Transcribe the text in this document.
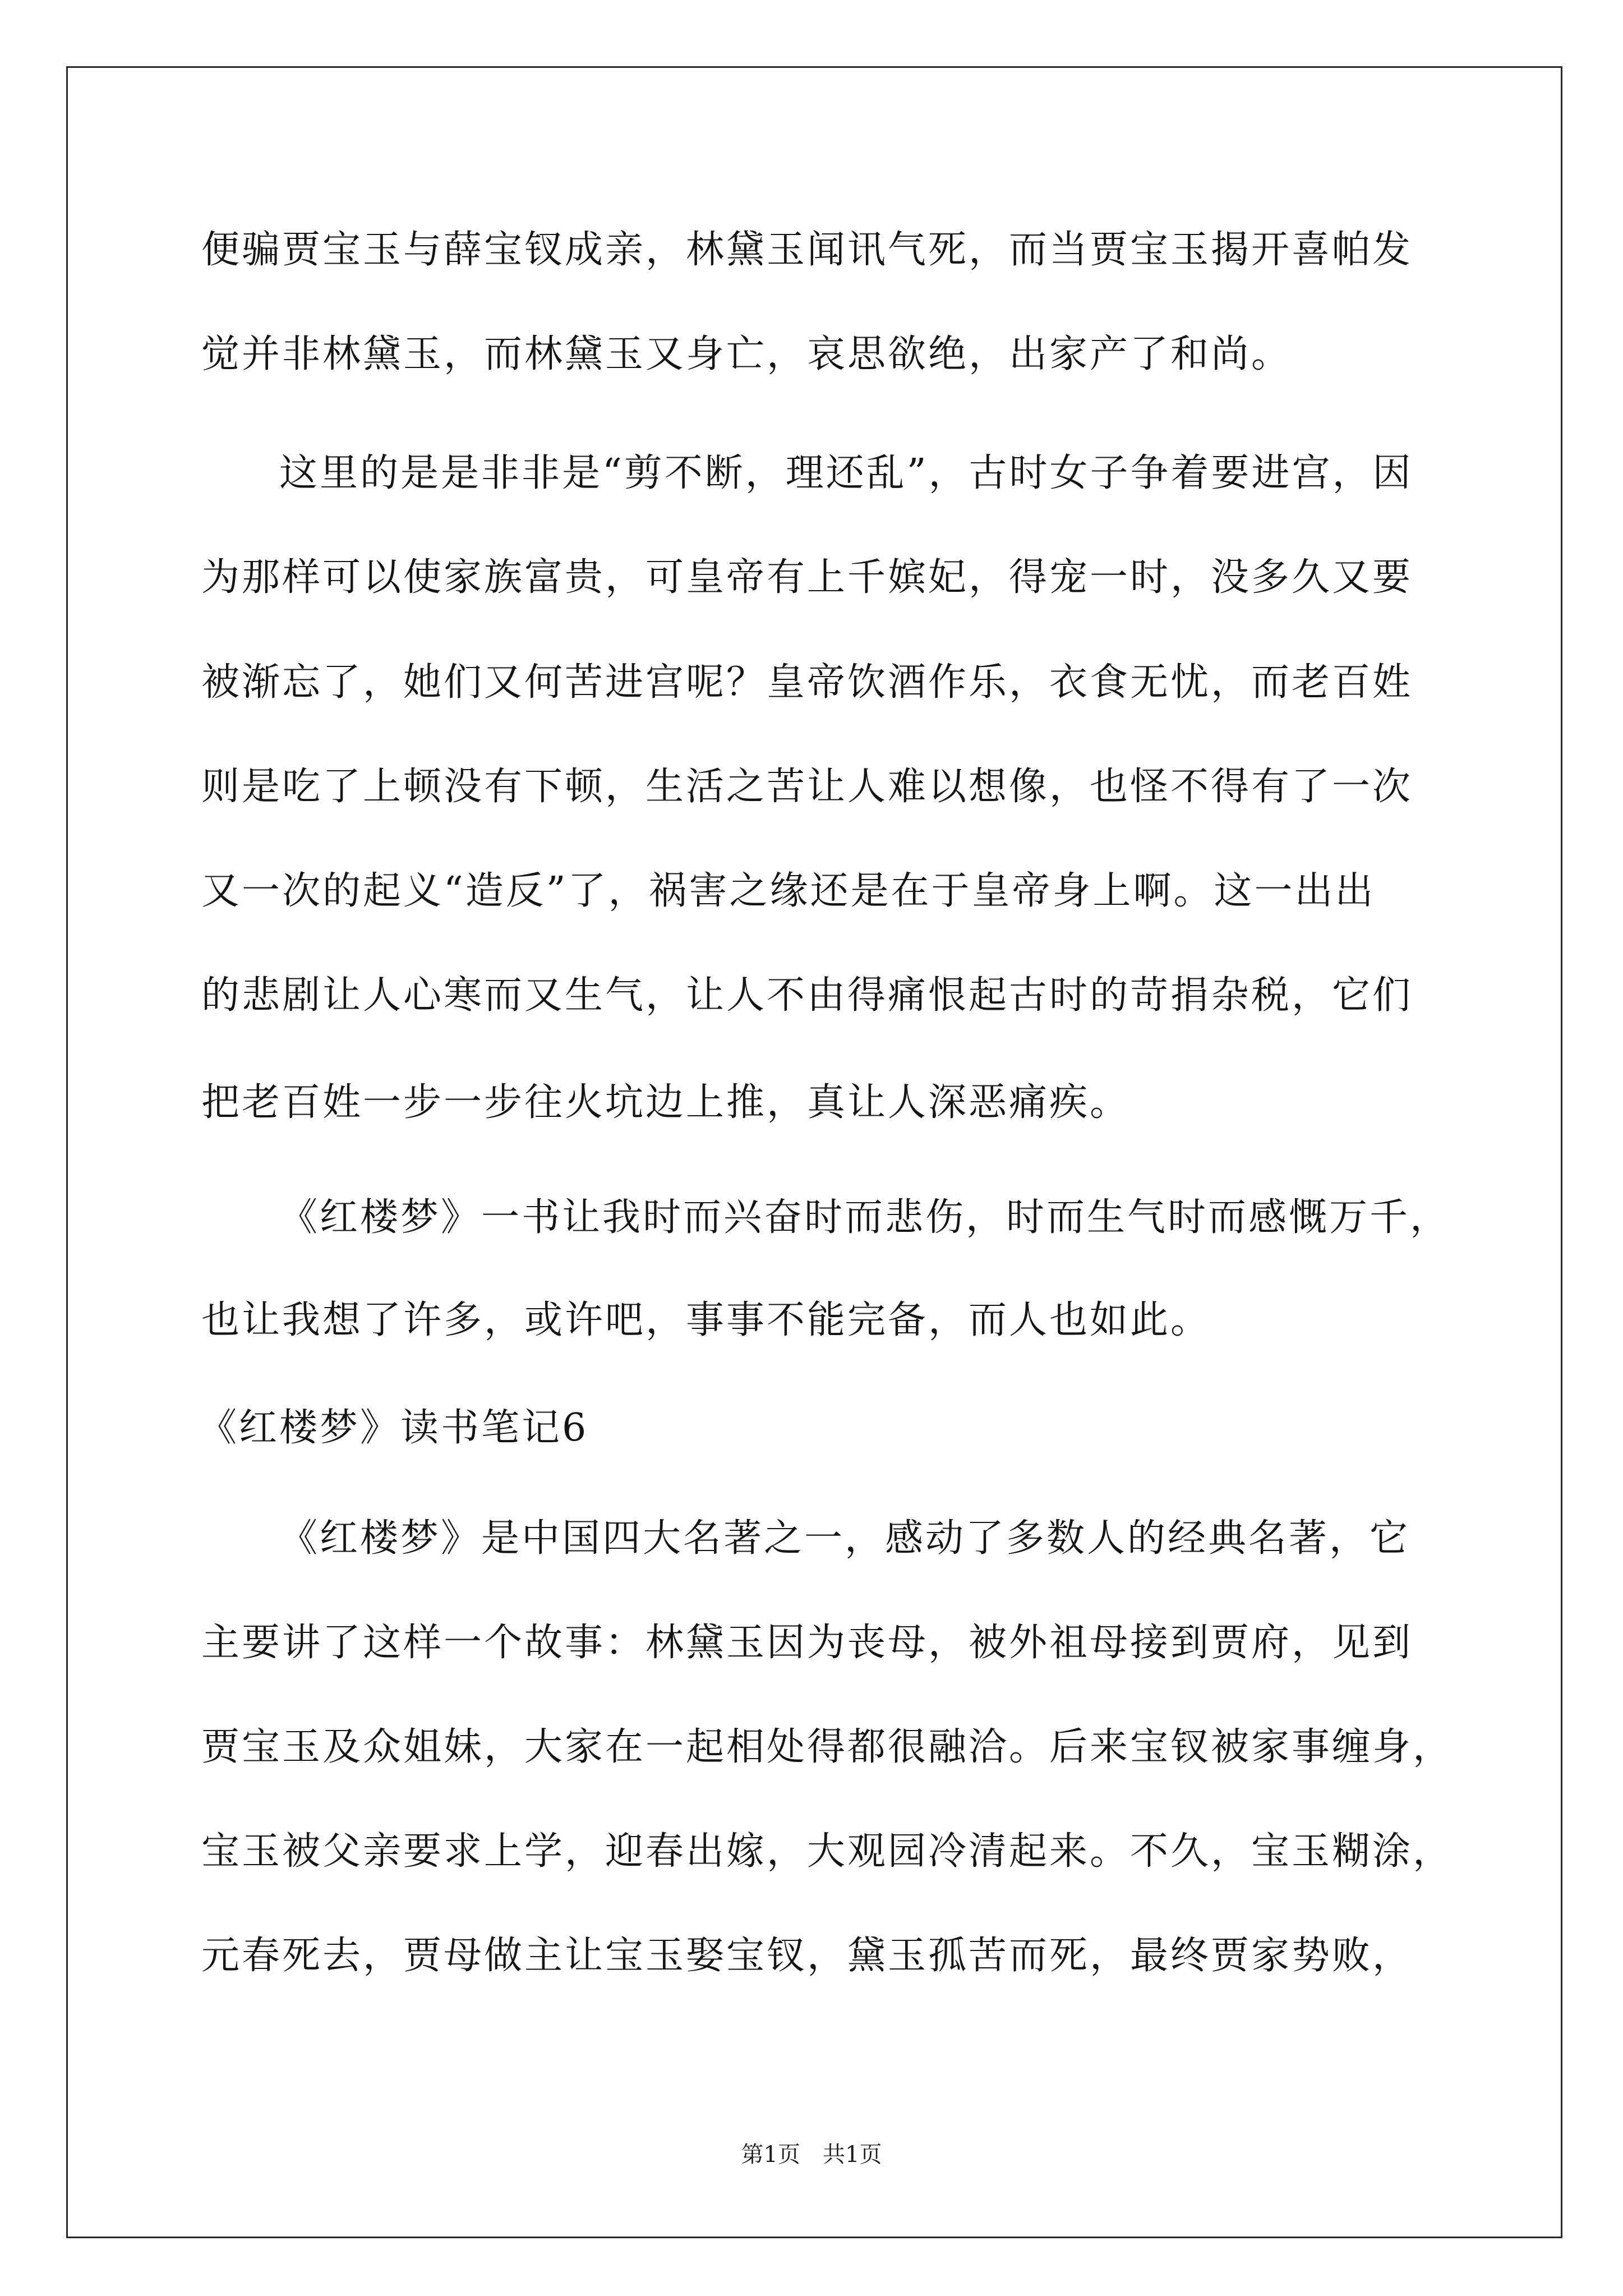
便骗贾宝玉与薛宝钗成亲，林黛玉闻讯气死，而当贾宝玉揭开喜帕发
觉并非林黛玉，而林黛玉又身亡，哀思欲绝，出家产了和尚。
这里的是是非非是“剪不断，理还乱”，古时女子争着要进宫，因
为那样可以使家族富贵，可皇帝有上千嫔妃，得宠一时，没多久又要
被渐忘了，她们又何苦进宫呢？皇帝饮酒作乐，衣食无忧，而老百姓
则是吃了上顿没有下顿，生活之苦让人难以想像，也怪不得有了一次
又一次的起义“造反”了，祸害之缘还是在于皇帝身上啊。这一出出
的悲剧让人心寒而又生气，让人不由得痛恨起古时的苛捐杂税，它们
把老百姓一步一步往火坑边上推，真让人深恶痛疾。
《红楼梦》一书让我时而兴奋时而悲伤，时而生气时而感慨万千，
也让我想了许多，或许吧，事事不能完备，而人也如此。
《红楼梦》读书笔记6
《红楼梦》是中国四大名著之一，感动了多数人的经典名著，它
主要讲了这样一个故事：林黛玉因为丧母，被外祖母接到贾府，见到
贾宝玉及众姐妹，大家在一起相处得都很融洽。后来宝钗被家事缠身，
宝玉被父亲要求上学，迎春出嫁，大观园冷清起来。不久，宝玉糊涂，
元春死去，贾母做主让宝玉娶宝钗，黛玉孤苦而死，最终贾家势败，
第1页　共1页
